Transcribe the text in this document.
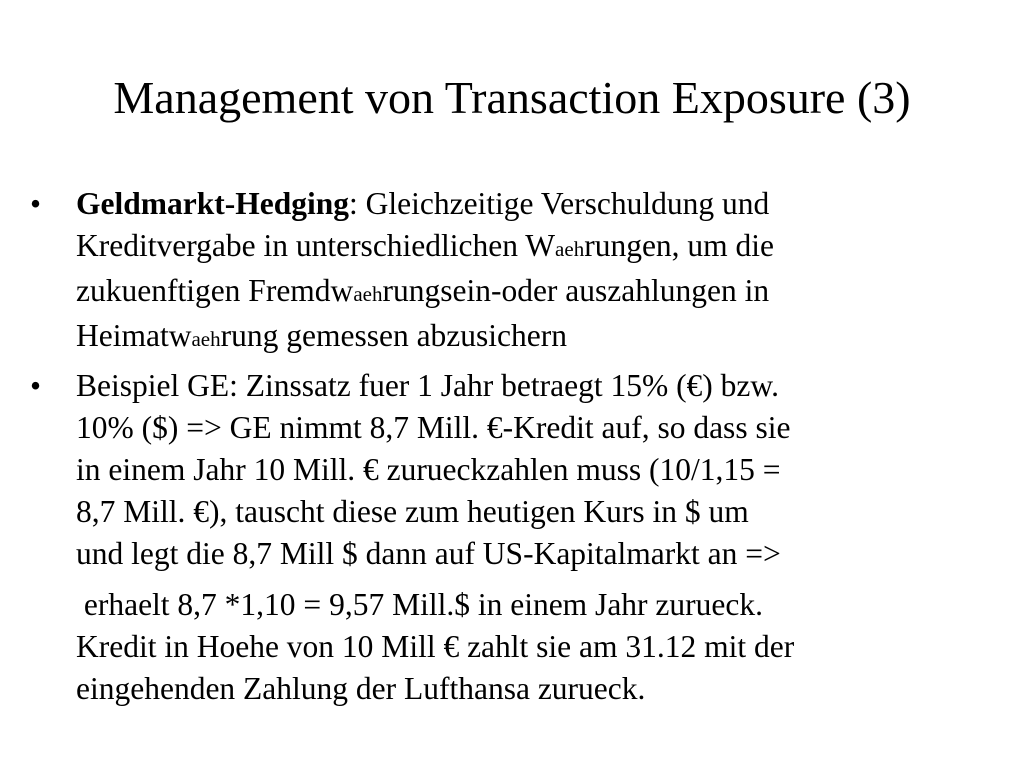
Management von Transaction Exposure (3)
• Geldmarkt-Hedging: Gleichzeitige Verschuldung und
Kreditvergabe in unterschiedlichen Waehrungen, um die
zukuenftigen Fremdwaehrungsein-oder auszahlungen in
Heimatwaehrung gemessen abzusichern
• Beispiel GE: Zinssatz fuer 1 Jahr betraegt 15% (€) bzw.
10% ($) => GE nimmt 8,7 Mill. €-Kredit auf, so dass sie
in einem Jahr 10 Mill. € zurueckzahlen muss (10/1,15 =
8,7 Mill. €), tauscht diese zum heutigen Kurs in $ um
und legt die 8,7 Mill $ dann auf US-Kapitalmarkt an =>
erhaelt 8,7 *1,10 = 9,57 Mill.$ in einem Jahr zurueck.
Kredit in Hoehe von 10 Mill € zahlt sie am 31.12 mit der
eingehenden Zahlung der Lufthansa zurueck.
